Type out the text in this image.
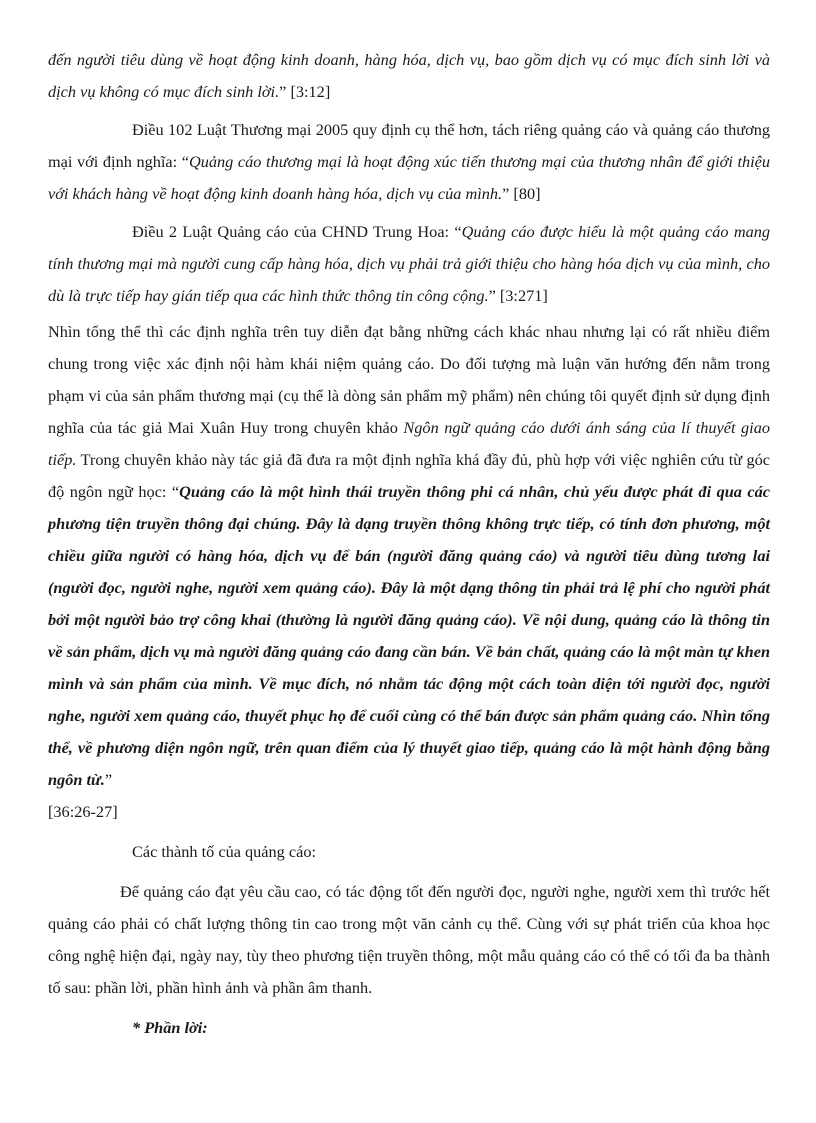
đến người tiêu dùng về hoạt động kinh doanh, hàng hóa, dịch vụ, bao gồm dịch vụ có mục đích sinh lời và dịch vụ không có mục đích sinh lời.” [3:12]

Điều 102 Luật Thương mại 2005 quy định cụ thể hơn, tách riêng quảng cáo và quảng cáo thương mại với định nghĩa: “Quảng cáo thương mại là hoạt động xúc tiến thương mại của thương nhân để giới thiệu với khách hàng về hoạt động kinh doanh hàng hóa, dịch vụ của mình.” [80]

Điều 2 Luật Quảng cáo của CHND Trung Hoa: “Quảng cáo được hiểu là một quảng cáo mang tính thương mại mà người cung cấp hàng hóa, dịch vụ phải trả giới thiệu cho hàng hóa dịch vụ của mình, cho dù là trực tiếp hay gián tiếp qua các hình thức thông tin công cộng.” [3:271]

Nhìn tổng thể thì các định nghĩa trên tuy diễn đạt bằng những cách khác nhau nhưng lại có rất nhiều điểm chung trong việc xác định nội hàm khái niệm quảng cáo. Do đối tượng mà luận văn hướng đến nằm trong phạm vi của sản phẩm thương mại (cụ thể là dòng sản phẩm mỹ phẩm) nên chúng tôi quyết định sử dụng định nghĩa của tác giả Mai Xuân Huy trong chuyên khảo Ngôn ngữ quảng cáo dưới ánh sáng của lí thuyết giao tiếp. Trong chuyên khảo này tác giả đã đưa ra một định nghĩa khá đầy đủ, phù hợp với việc nghiên cứu từ góc độ ngôn ngữ học: “Quảng cáo là một hình thái truyền thông phi cá nhân, chủ yếu được phát đi qua các phương tiện truyền thông đại chúng. Đây là dạng truyền thông không trực tiếp, có tính đơn phương, một chiều giữa người có hàng hóa, dịch vụ để bán (người đăng quảng cáo) và người tiêu dùng tương lai (người đọc, người nghe, người xem quảng cáo). Đây là một dạng thông tin phải trả lệ phí cho người phát bởi một người bảo trợ công khai (thường là người đăng quảng cáo). Về nội dung, quảng cáo là thông tin về sản phẩm, dịch vụ mà người đăng quảng cáo đang cần bán. Về bản chất, quảng cáo là một màn tự khen mình và sản phẩm của mình. Về mục đích, nó nhằm tác động một cách toàn diện tới người đọc, người nghe, người xem quảng cáo, thuyết phục họ để cuối cùng có thể bán được sản phẩm quảng cáo. Nhìn tổng thể, về phương diện ngôn ngữ, trên quan điểm của lý thuyết giao tiếp, quảng cáo là một hành động bằng ngôn từ.”
[36:26-27]

Các thành tố của quảng cáo:

Để quảng cáo đạt yêu cầu cao, có tác động tốt đến người đọc, người nghe, người xem thì trước hết quảng cáo phải có chất lượng thông tin cao trong một văn cảnh cụ thể. Cùng với sự phát triển của khoa học công nghệ hiện đại, ngày nay, tùy theo phương tiện truyền thông, một mẫu quảng cáo có thể có tối đa ba thành tố sau: phần lời, phần hình ảnh và phần âm thanh.

* Phần lời:
